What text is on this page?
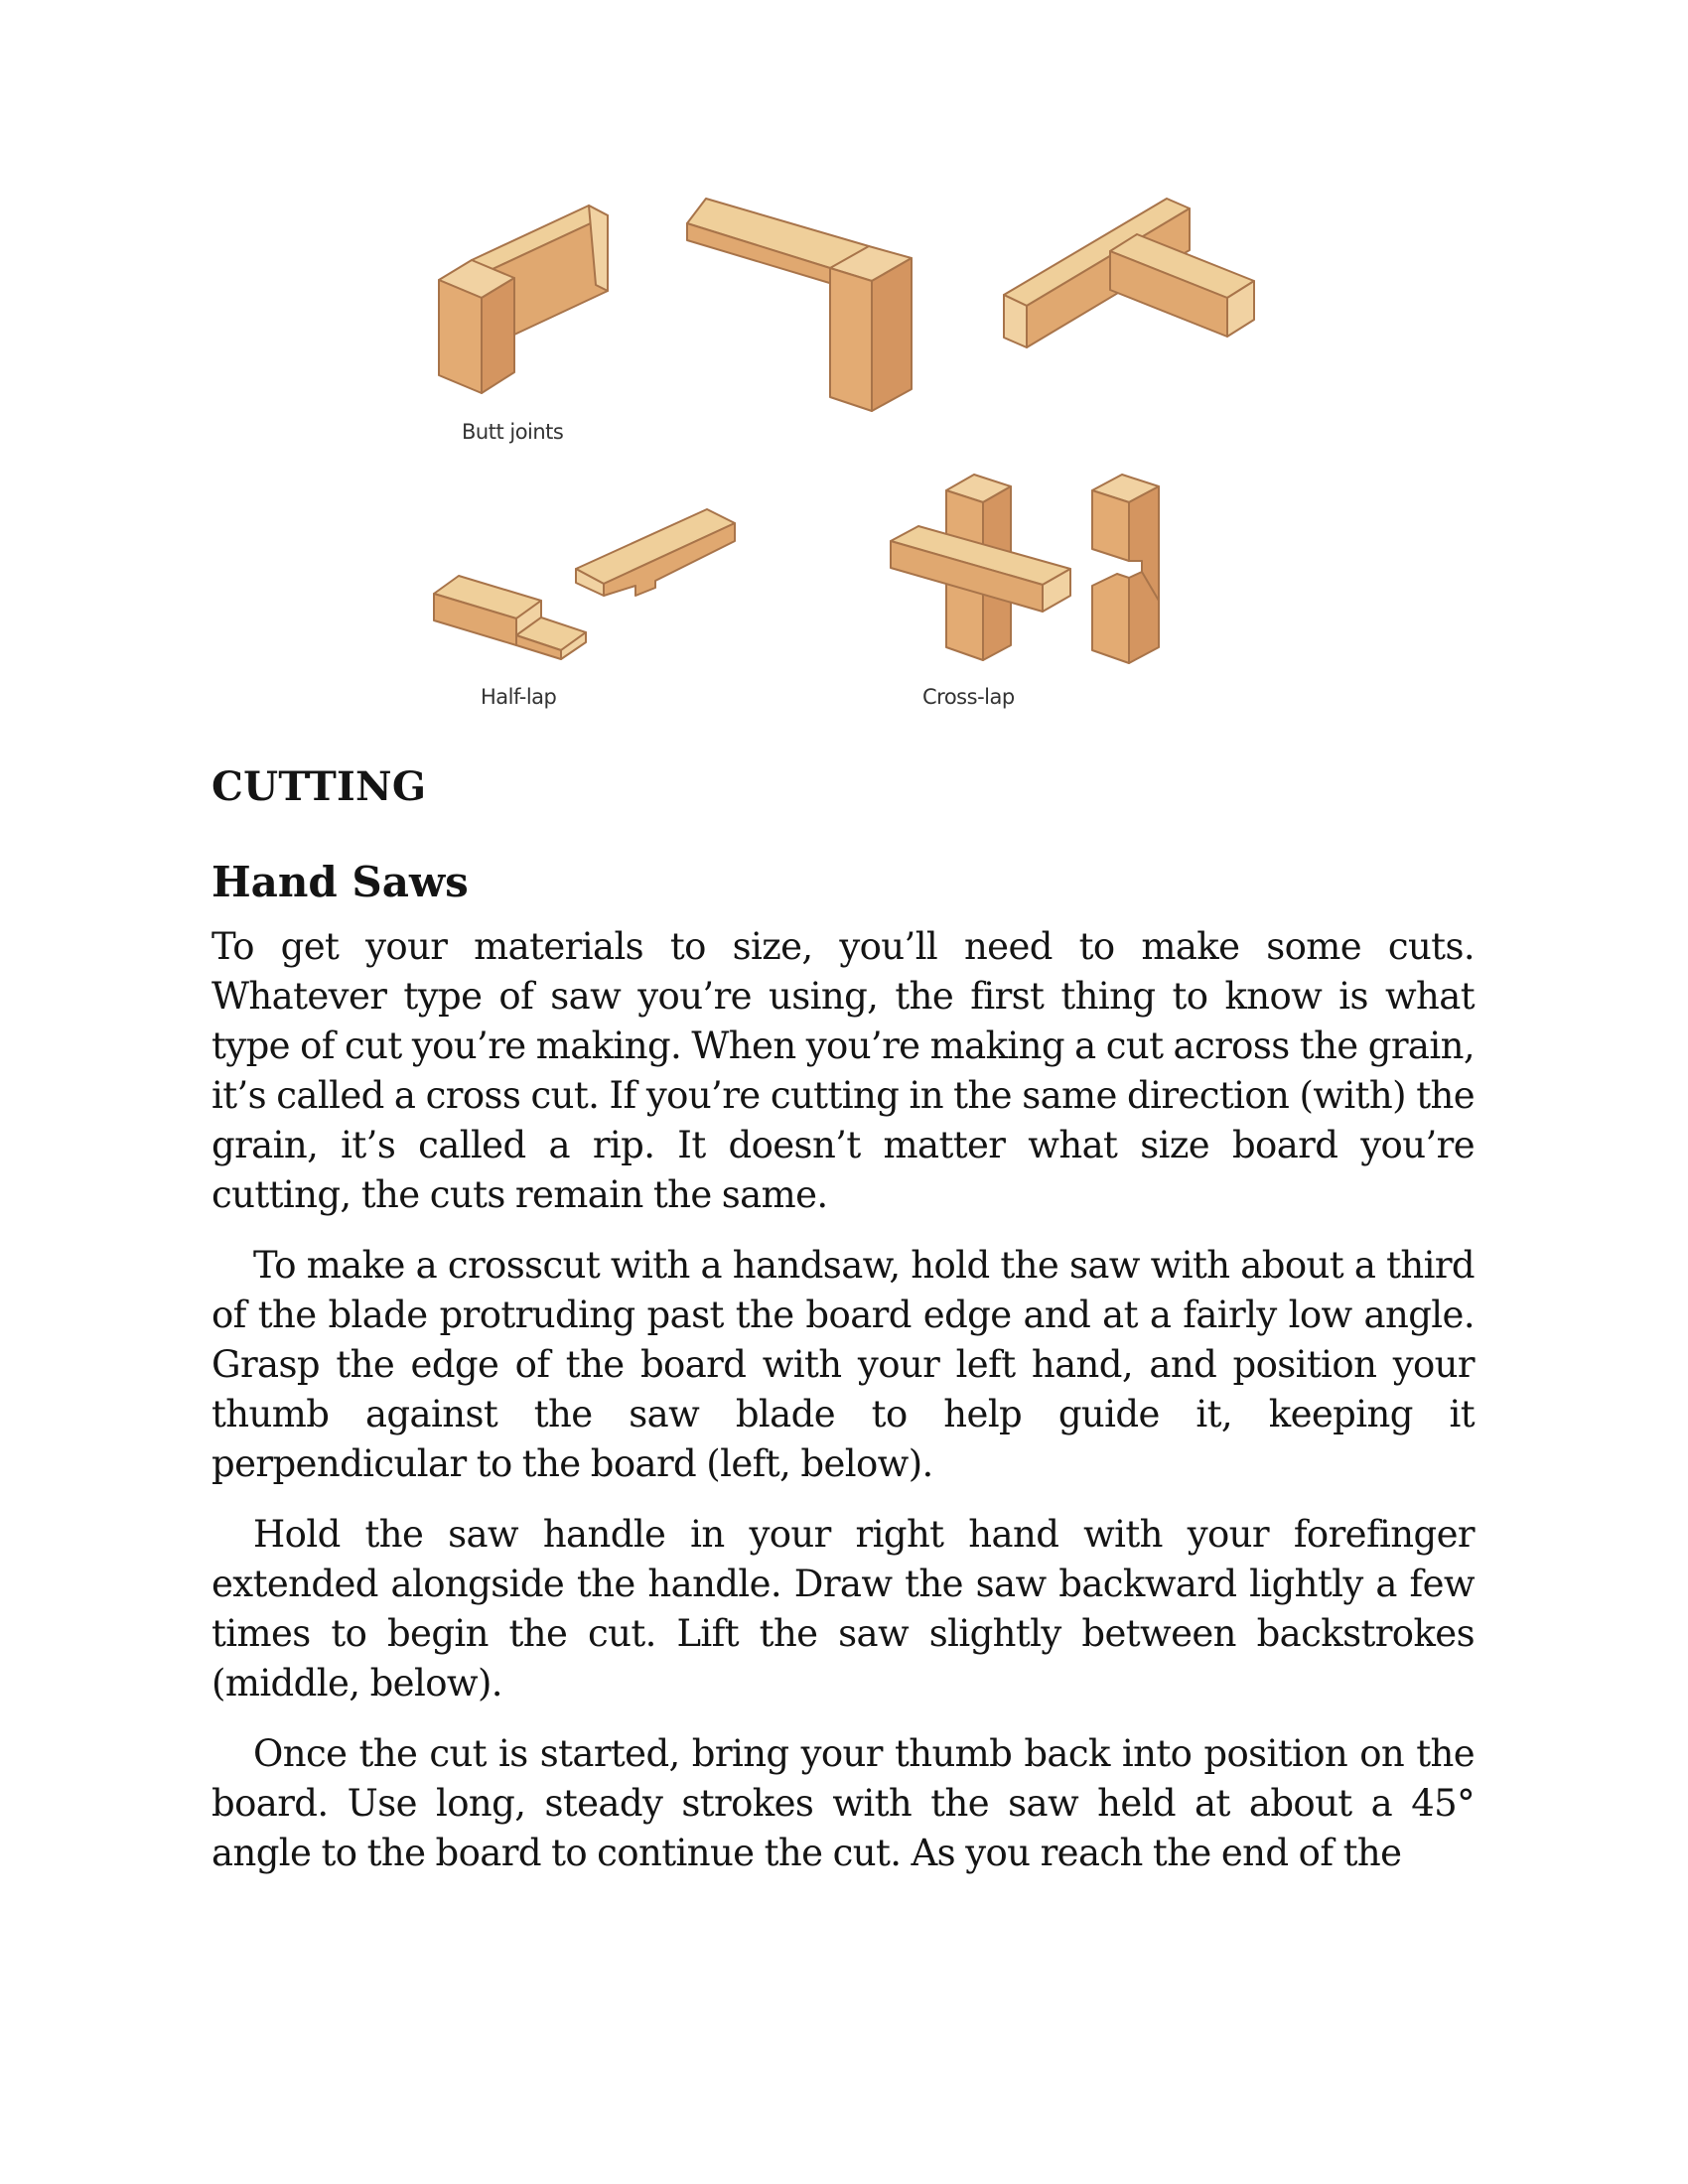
Butt joints
Half-lap	Cross-lap
CUTTING
Hand Saws

To get your materials to size, you’ll need to make some cuts. Whatever type of saw you’re using, the first thing to know is what type of cut you’re making. When you’re making a cut across the grain, it’s called a cross cut. If you’re cutting in the same direction (with) the grain, it’s called a rip. It doesn’t matter what size board you’re cutting, the cuts remain the same.

To make a crosscut with a handsaw, hold the saw with about a third of the blade protruding past the board edge and at a fairly low angle. Grasp the edge of the board with your left hand, and position your thumb against the saw blade to help guide it, keeping it perpendicular to the board (left, below).

Hold the saw handle in your right hand with your forefinger extended alongside the handle. Draw the saw backward lightly a few times to begin the cut. Lift the saw slightly between backstrokes (middle, below).

Once the cut is started, bring your thumb back into position on the board. Use long, steady strokes with the saw held at about a 45° angle to the board to continue the cut. As you reach the end of the
